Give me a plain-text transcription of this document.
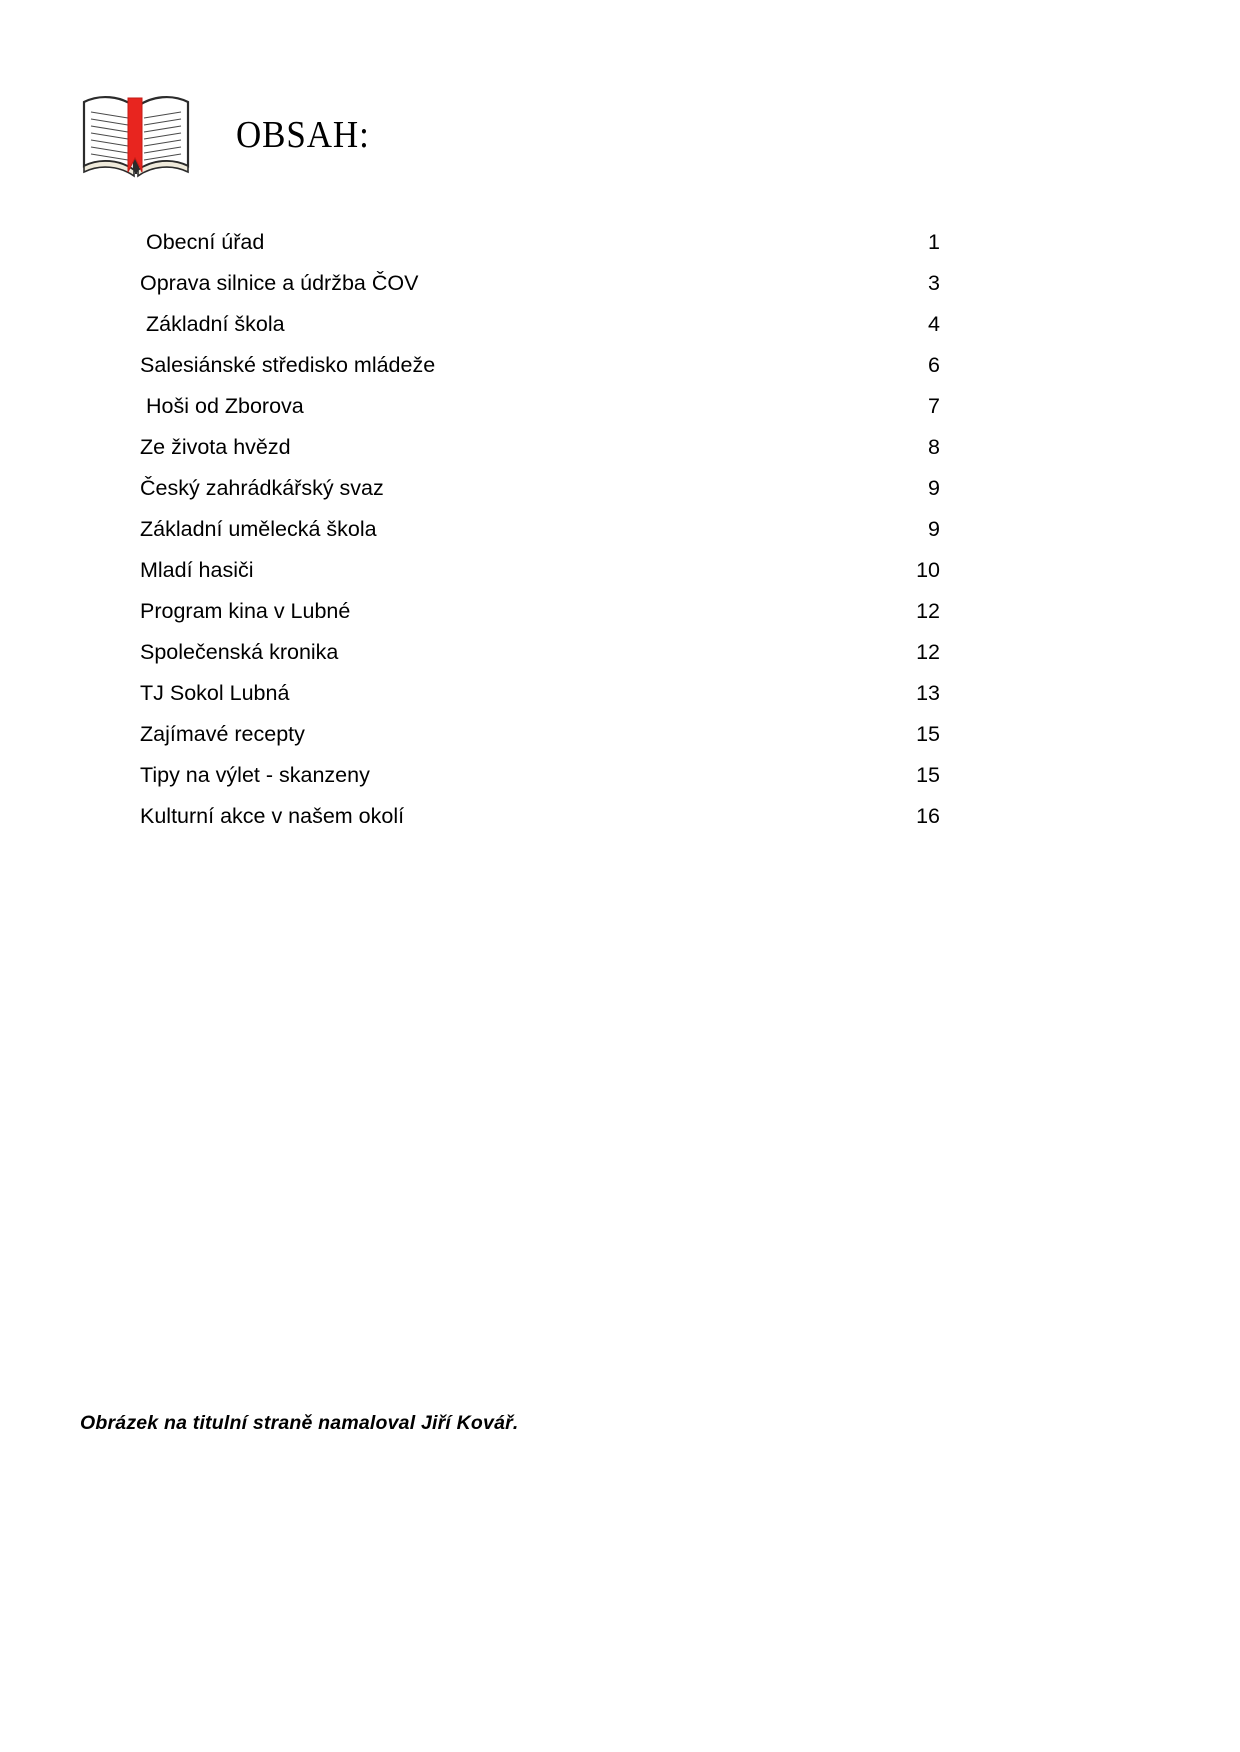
OBSAH:
Obecní úřad	1
Oprava silnice a údržba ČOV	3
Základní škola	4
Salesiánské středisko mládeže	6
Hoši od Zborova	7
Ze života hvězd	8
Český zahrádkářský svaz	9
Základní umělecká škola	9
Mladí hasiči	10
Program kina v Lubné	12
Společenská kronika	12
TJ Sokol Lubná	13
Zajímavé recepty	15
Tipy na výlet - skanzeny	15
Kulturní akce v našem okolí	16
Obrázek na titulní straně namaloval Jiří Kovář.
